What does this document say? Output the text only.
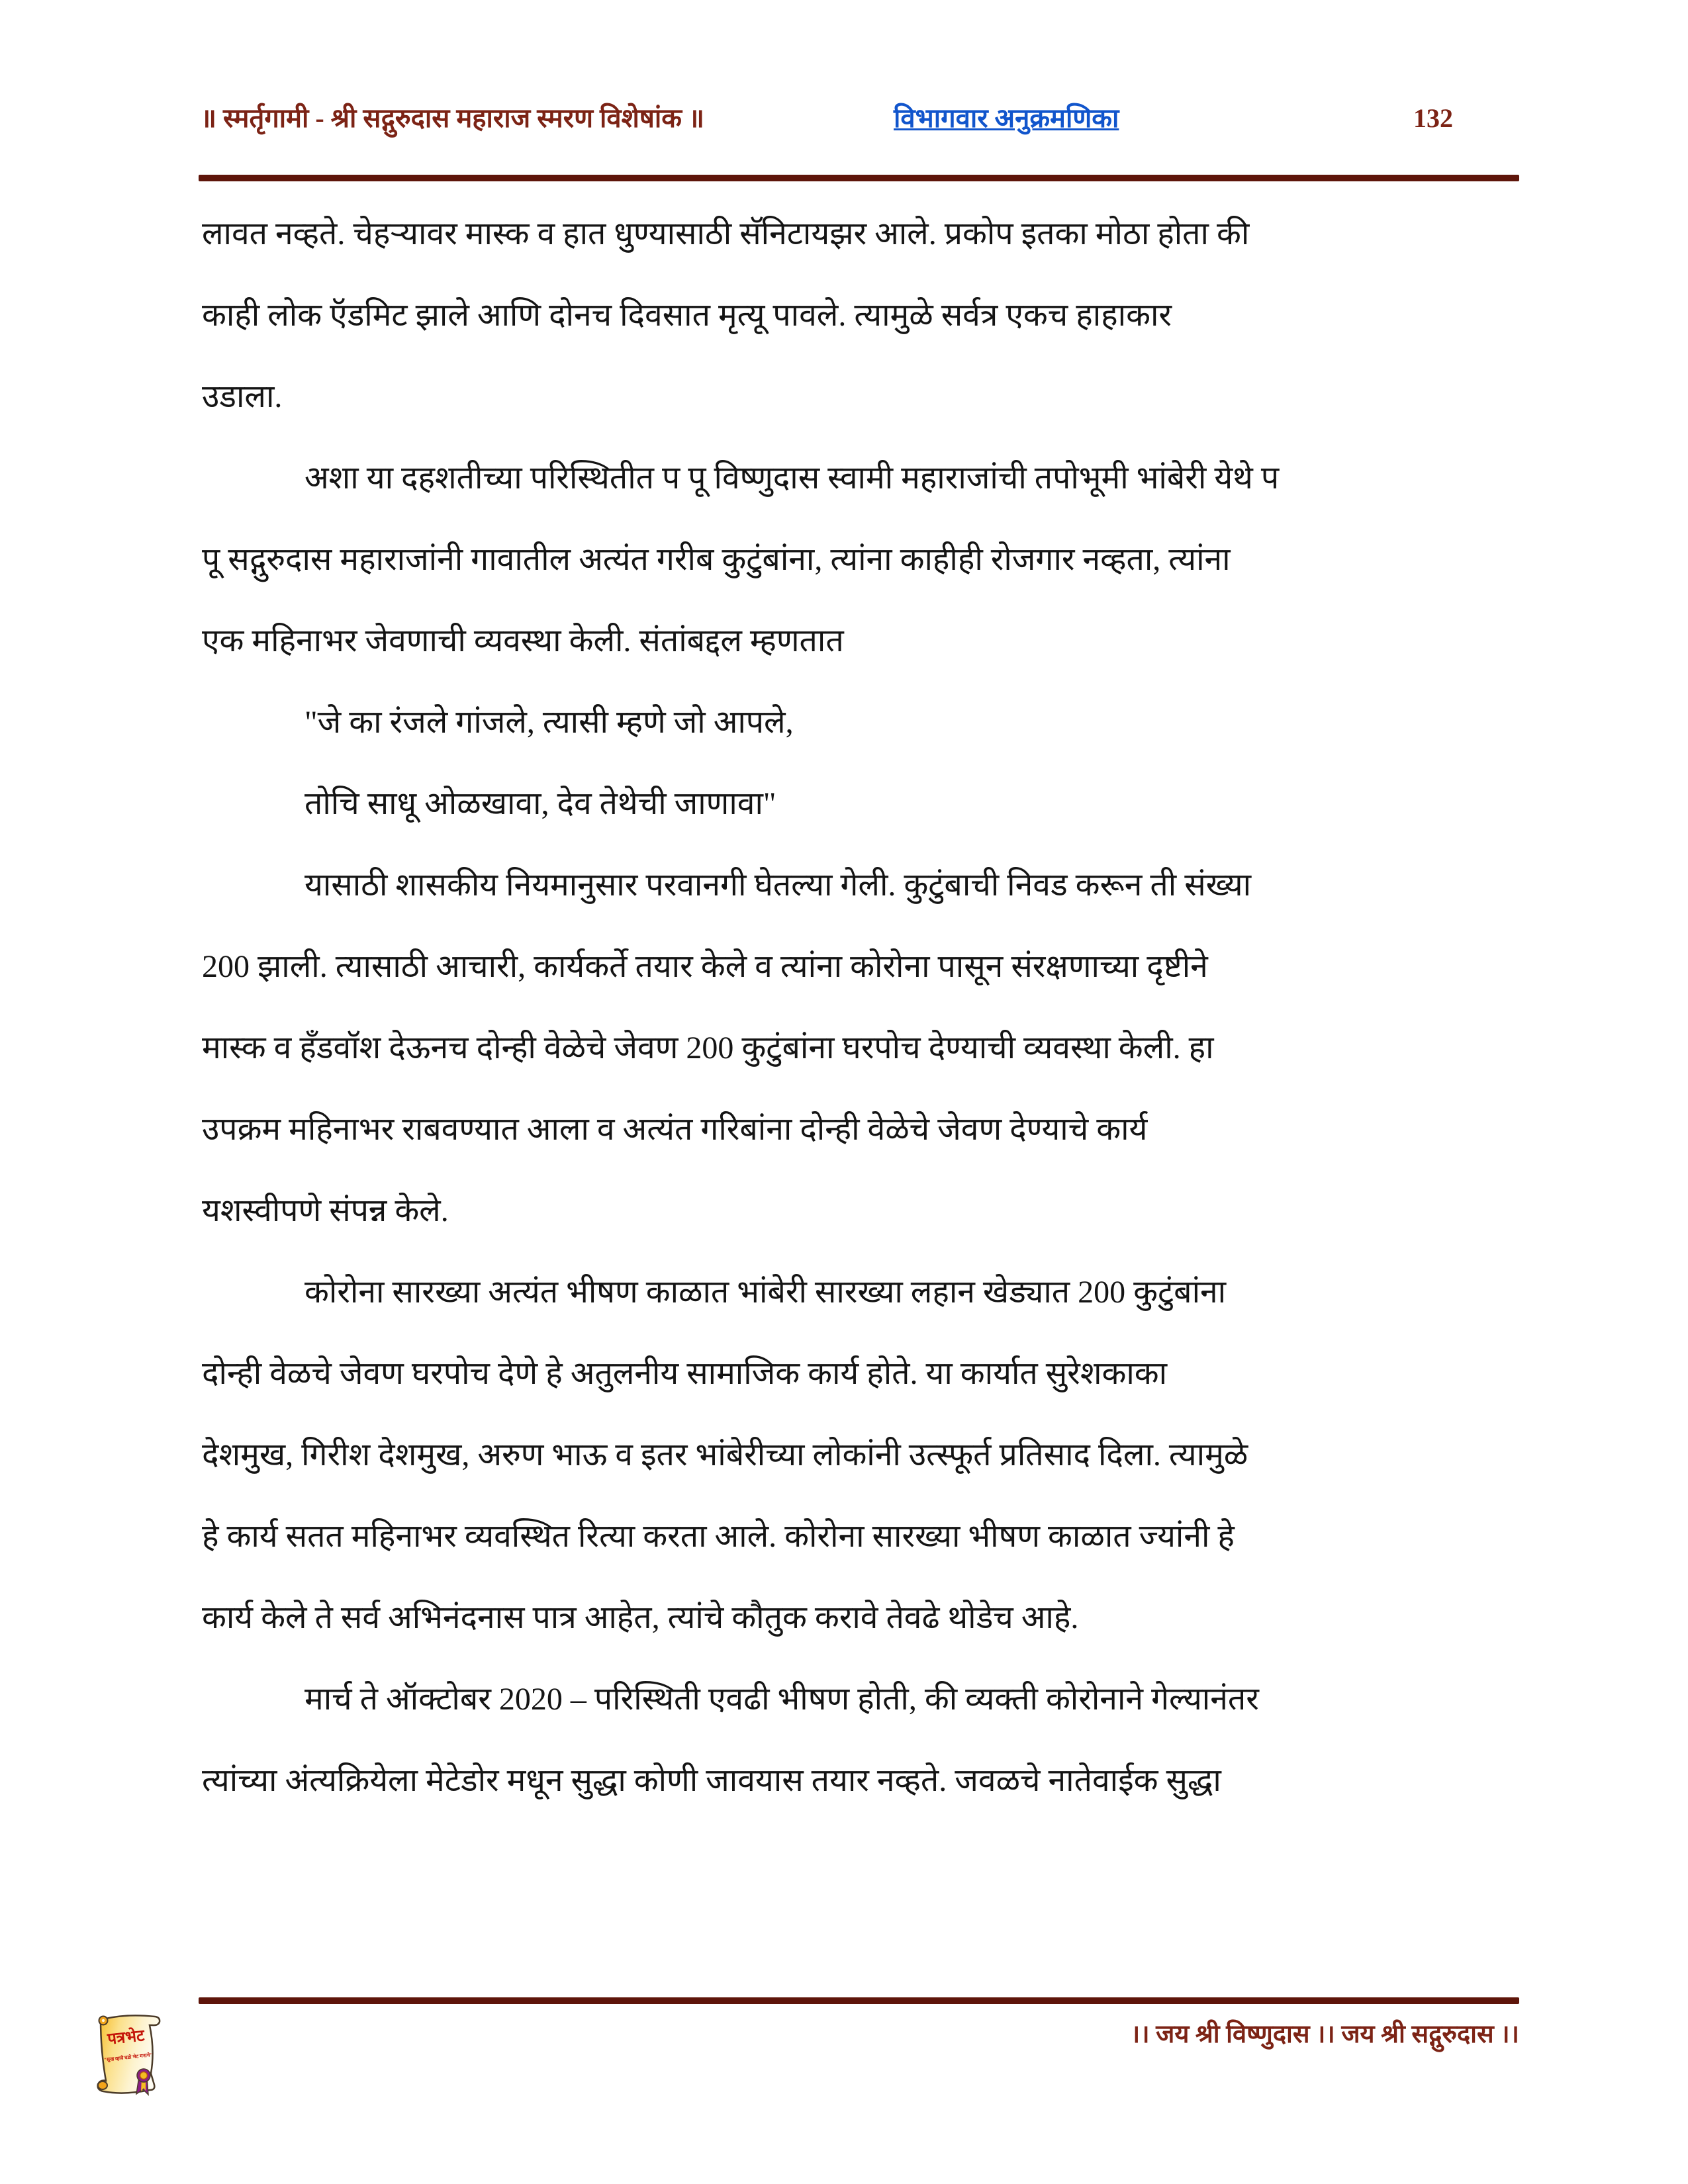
॥ स्मर्तृगामी - श्री सद्गुरुदास महाराज स्मरण विशेषांक ॥	विभागवार अनुक्रमणिका	132
लावत नव्हते. चेहऱ्यावर मास्क व हात धुण्यासाठी सॅनिटायझर आले. प्रकोप इतका मोठा होता की
काही लोक ऍडमिट झाले आणि दोनच दिवसात मृत्यू पावले. त्यामुळे सर्वत्र एकच हाहाकार
उडाला.
अशा या दहशतीच्या परिस्थितीत प पू विष्णुदास स्वामी महाराजांची तपोभूमी भांबेरी येथे प
पू सद्गुरुदास महाराजांनी गावातील अत्यंत गरीब कुटुंबांना, त्यांना काहीही रोजगार नव्हता, त्यांना
एक महिनाभर जेवणाची व्यवस्था केली. संतांबद्दल म्हणतात
"जे का रंजले गांजले, त्यासी म्हणे जो आपले,
तोचि साधू ओळखावा, देव तेथेची जाणावा"
यासाठी शासकीय नियमानुसार परवानगी घेतल्या गेली. कुटुंबाची निवड करून ती संख्या
200 झाली. त्यासाठी आचारी, कार्यकर्ते तयार केले व त्यांना कोरोना पासून संरक्षणाच्या दृष्टीने
मास्क व हँडवॉश देऊनच दोन्ही वेळेचे जेवण 200 कुटुंबांना घरपोच देण्याची व्यवस्था केली. हा
उपक्रम महिनाभर राबवण्यात आला व अत्यंत गरिबांना दोन्ही वेळेचे जेवण देण्याचे कार्य
यशस्वीपणे संपन्न केले.
कोरोना सारख्या अत्यंत भीषण काळात भांबेरी सारख्या लहान खेड्यात 200 कुटुंबांना
दोन्ही वेळचे जेवण घरपोच देणे हे अतुलनीय सामाजिक कार्य होते. या कार्यात सुरेशकाका
देशमुख, गिरीश देशमुख, अरुण भाऊ व इतर भांबेरीच्या लोकांनी उत्स्फूर्त प्रतिसाद दिला. त्यामुळे
हे कार्य सतत महिनाभर व्यवस्थित रित्या करता आले. कोरोना सारख्या भीषण काळात ज्यांनी हे
कार्य केले ते सर्व अभिनंदनास पात्र आहेत, त्यांचे कौतुक करावे तेवढे थोडेच आहे.
मार्च ते ऑक्टोबर 2020 – परिस्थिती एवढी भीषण होती, की व्यक्ती कोरोनाने गेल्यानंतर
त्यांच्या अंत्यक्रियेला मेटेडोर मधून सुद्धा कोणी जावयास तयार नव्हते. जवळचे नातेवाईक सुद्धा
।। जय श्री विष्णुदास ।। जय श्री सद्गुरुदास ।।
पत्रभेट
"सुख व्हावे घडो भेट मनाचे"
